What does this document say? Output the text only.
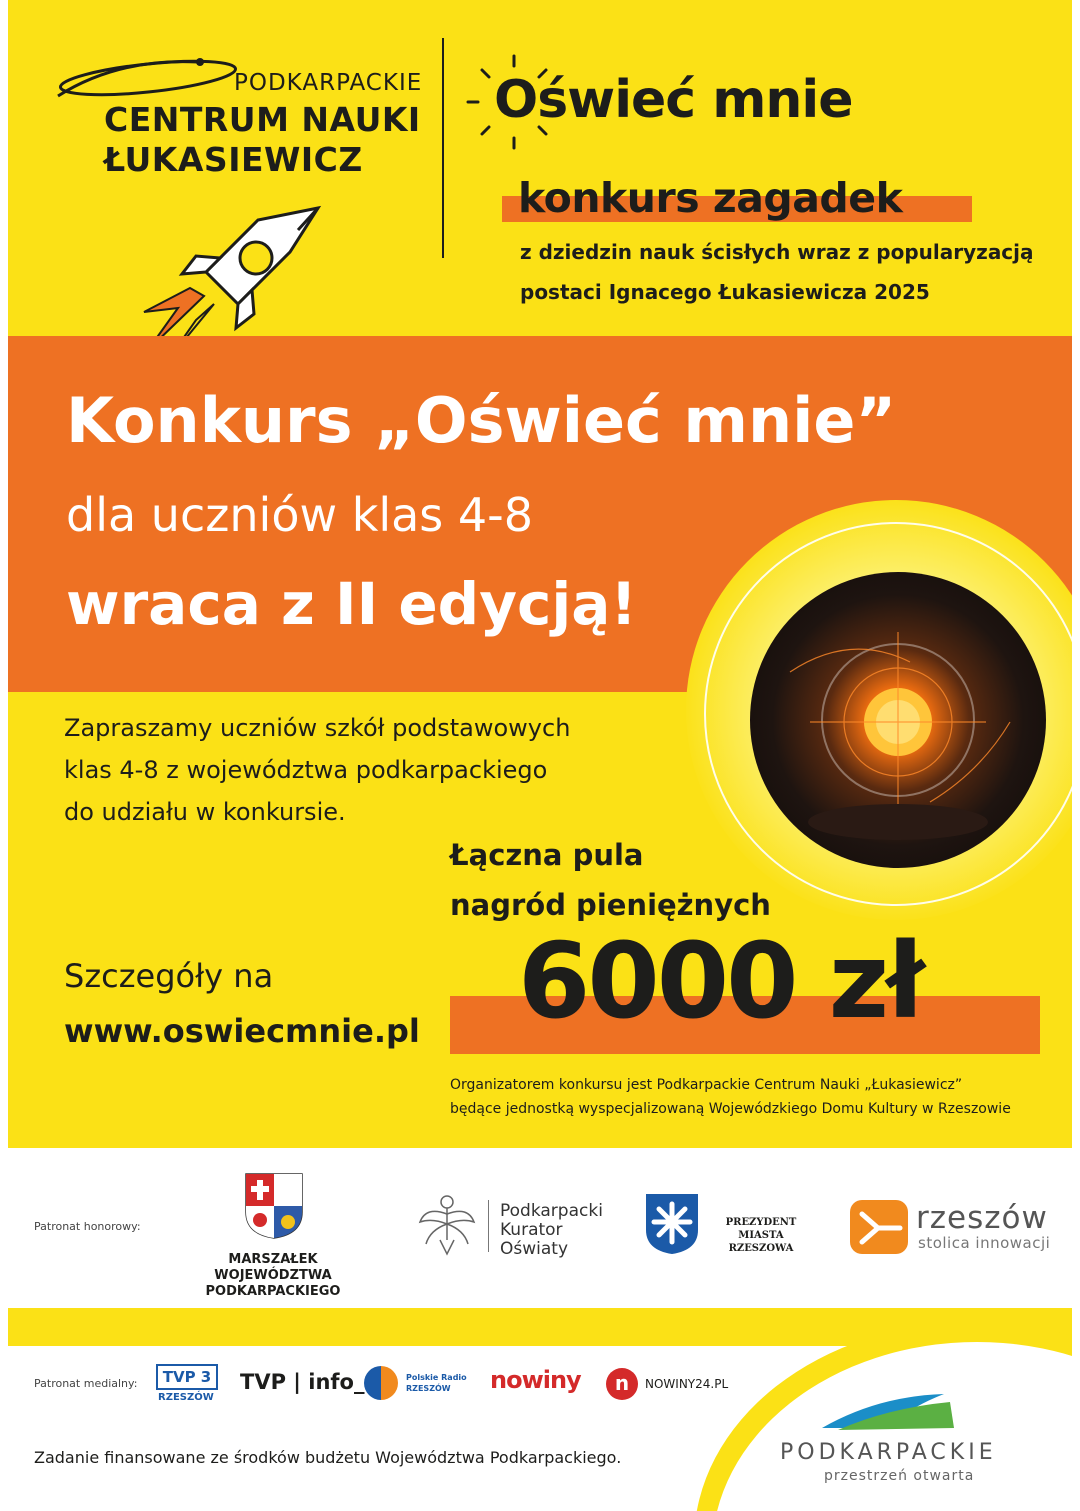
PODKARPACKIE
CENTRUM NAUKI
ŁUKASIEWICZ
Oświeć mnie
konkurs zagadek
z dziedzin nauk ścisłych wraz z popularyzacją
postaci Ignacego Łukasiewicza 2025
Konkurs „Oświeć mnie”
dla uczniów klas 4-8
wraca z II edycją!
Zapraszamy uczniów szkół podstawowych
klas 4-8 z województwa podkarpackiego
do udziału w konkursie.
Łączna pula
nagród pieniężnych
6000 zł
Szczegóły na
www.oswiecmnie.pl
Organizatorem konkursu jest Podkarpackie Centrum Nauki „Łukasiewicz”
będące jednostką wyspecjalizowaną Wojewódzkiego Domu Kultury w Rzeszowie
Patronat honorowy:
MARSZAŁEK
WOJEWÓDZTWA PODKARPACKIEGO
Podkarpacki
Kurator
Oświaty
PREZYDENT
MIASTA RZESZOWA
rzeszów
stolica innowacji
Patronat medialny:	TVP 3
RZESZÓW
TVP | info_	Polskie Radio
RZESZÓW	nowiny	n	NOWINY24.PL
Zadanie finansowane ze środków budżetu Województwa Podkarpackiego.	PODKARPACKIE
przestrzeń otwarta
